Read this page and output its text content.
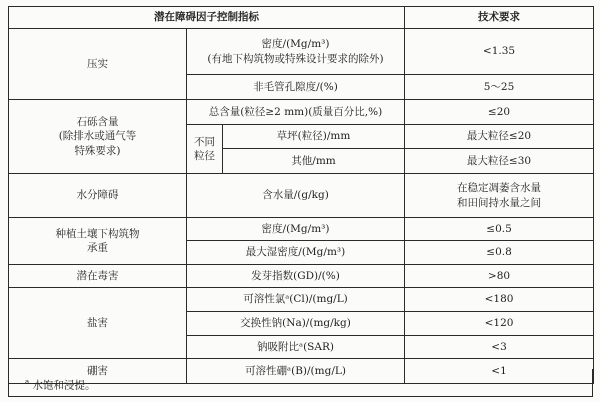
潜在障碍因子控制指标			技术要求
压实	密度/(Mg/m³)
(有地下构筑物或特殊设计要求的除外)		<1.35
	非毛管孔隙度/(%)		5～25

石砾含量
(除排水或通气等
特殊要求)	总含量(粒径≥2 mm)(质量百分比,%)		≤20

	不同
粒径	草坪(粒径)/mm	最大粒径≤20
		其他/mm	最大粒径≤30
水分障碍	含水量/(g/kg)		在稳定凋萎含水量
和田间持水量之间

种植土壤下构筑物
承重	密度/(Mg/m³)		≤0.5
	最大湿密度/(Mg/m³)		≤0.8
潜在毒害	发芽指数(GD)/(%)		>80
盐害	可溶性氯ᵃ(Cl)/(mg/L)		<180
	交换性钠(Na)/(mg/kg)		<120
	钠吸附比ᵃ(SAR)		<3
硼害	可溶性硼ᵃ(B)/(mg/L)		<1
$^a$ 水饱和浸提。
